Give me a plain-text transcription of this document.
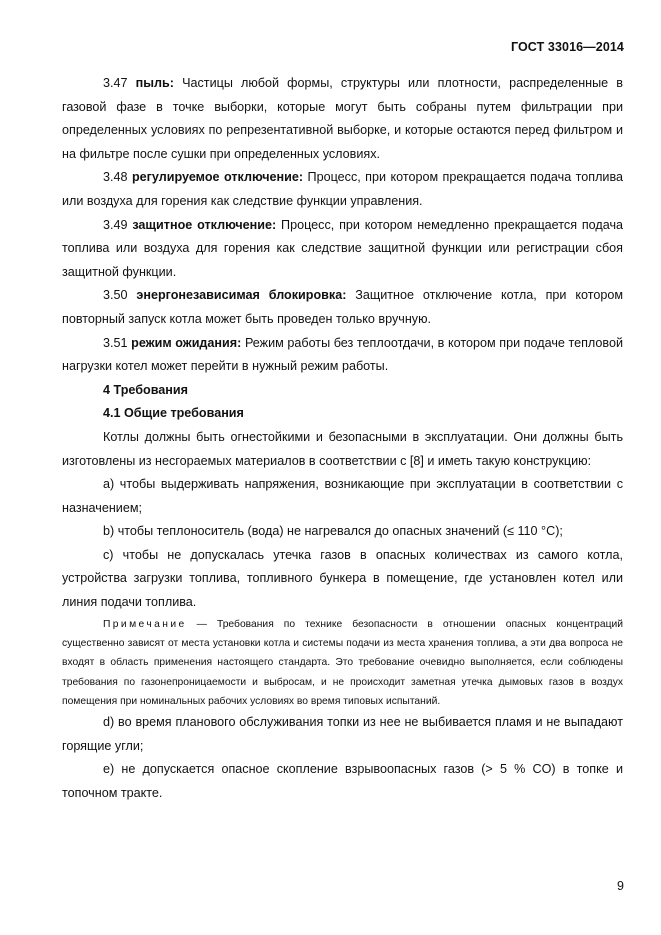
ГОСТ 33016—2014

3.47 пыль: Частицы любой формы, структуры или плотности, распределенные в газовой фазе в точке выборки, которые могут быть собраны путем фильтрации при определенных условиях по репрезентативной выборке, и которые остаются перед фильтром и на фильтре после сушки при определенных условиях.

3.48 регулируемое отключение: Процесс, при котором прекращается подача топлива или воздуха для горения как следствие функции управления.

3.49 защитное отключение: Процесс, при котором немедленно прекращается подача топлива или воздуха для горения как следствие защитной функции или регистрации сбоя защитной функции.

3.50 энергонезависимая блокировка: Защитное отключение котла, при котором повторный запуск котла может быть проведен только вручную.

3.51 режим ожидания: Режим работы без теплоотдачи, в котором при подаче тепловой нагрузки котел может перейти в нужный режим работы.

4 Требования

4.1 Общие требования

Котлы должны быть огнестойкими и безопасными в эксплуатации. Они должны быть изготовлены из несгораемых материалов в соответствии с [8] и иметь такую конструкцию:

а) чтобы выдерживать напряжения, возникающие при эксплуатации в соответствии с назначением;

b) чтобы теплоноситель (вода) не нагревался до опасных значений (≤ 110 °C);

с) чтобы не допускалась утечка газов в опасных количествах из самого котла, устройства загрузки топлива, топливного бункера в помещение, где установлен котел или линия подачи топлива.

Примечание — Требования по технике безопасности в отношении опасных концентраций существенно зависят от места установки котла и системы подачи из места хранения топлива, а эти два вопроса не входят в область применения настоящего стандарта. Это требование очевидно выполняется, если соблюдены требования по газонепроницаемости и выбросам, и не происходит заметная утечка дымовых газов в воздух помещения при номинальных рабочих условиях во время типовых испытаний.

d) во время планового обслуживания топки из нее не выбивается пламя и не выпадают горящие угли;

е) не допускается опасное скопление взрывоопасных газов (> 5 % CO) в топке и топочном тракте.

9
